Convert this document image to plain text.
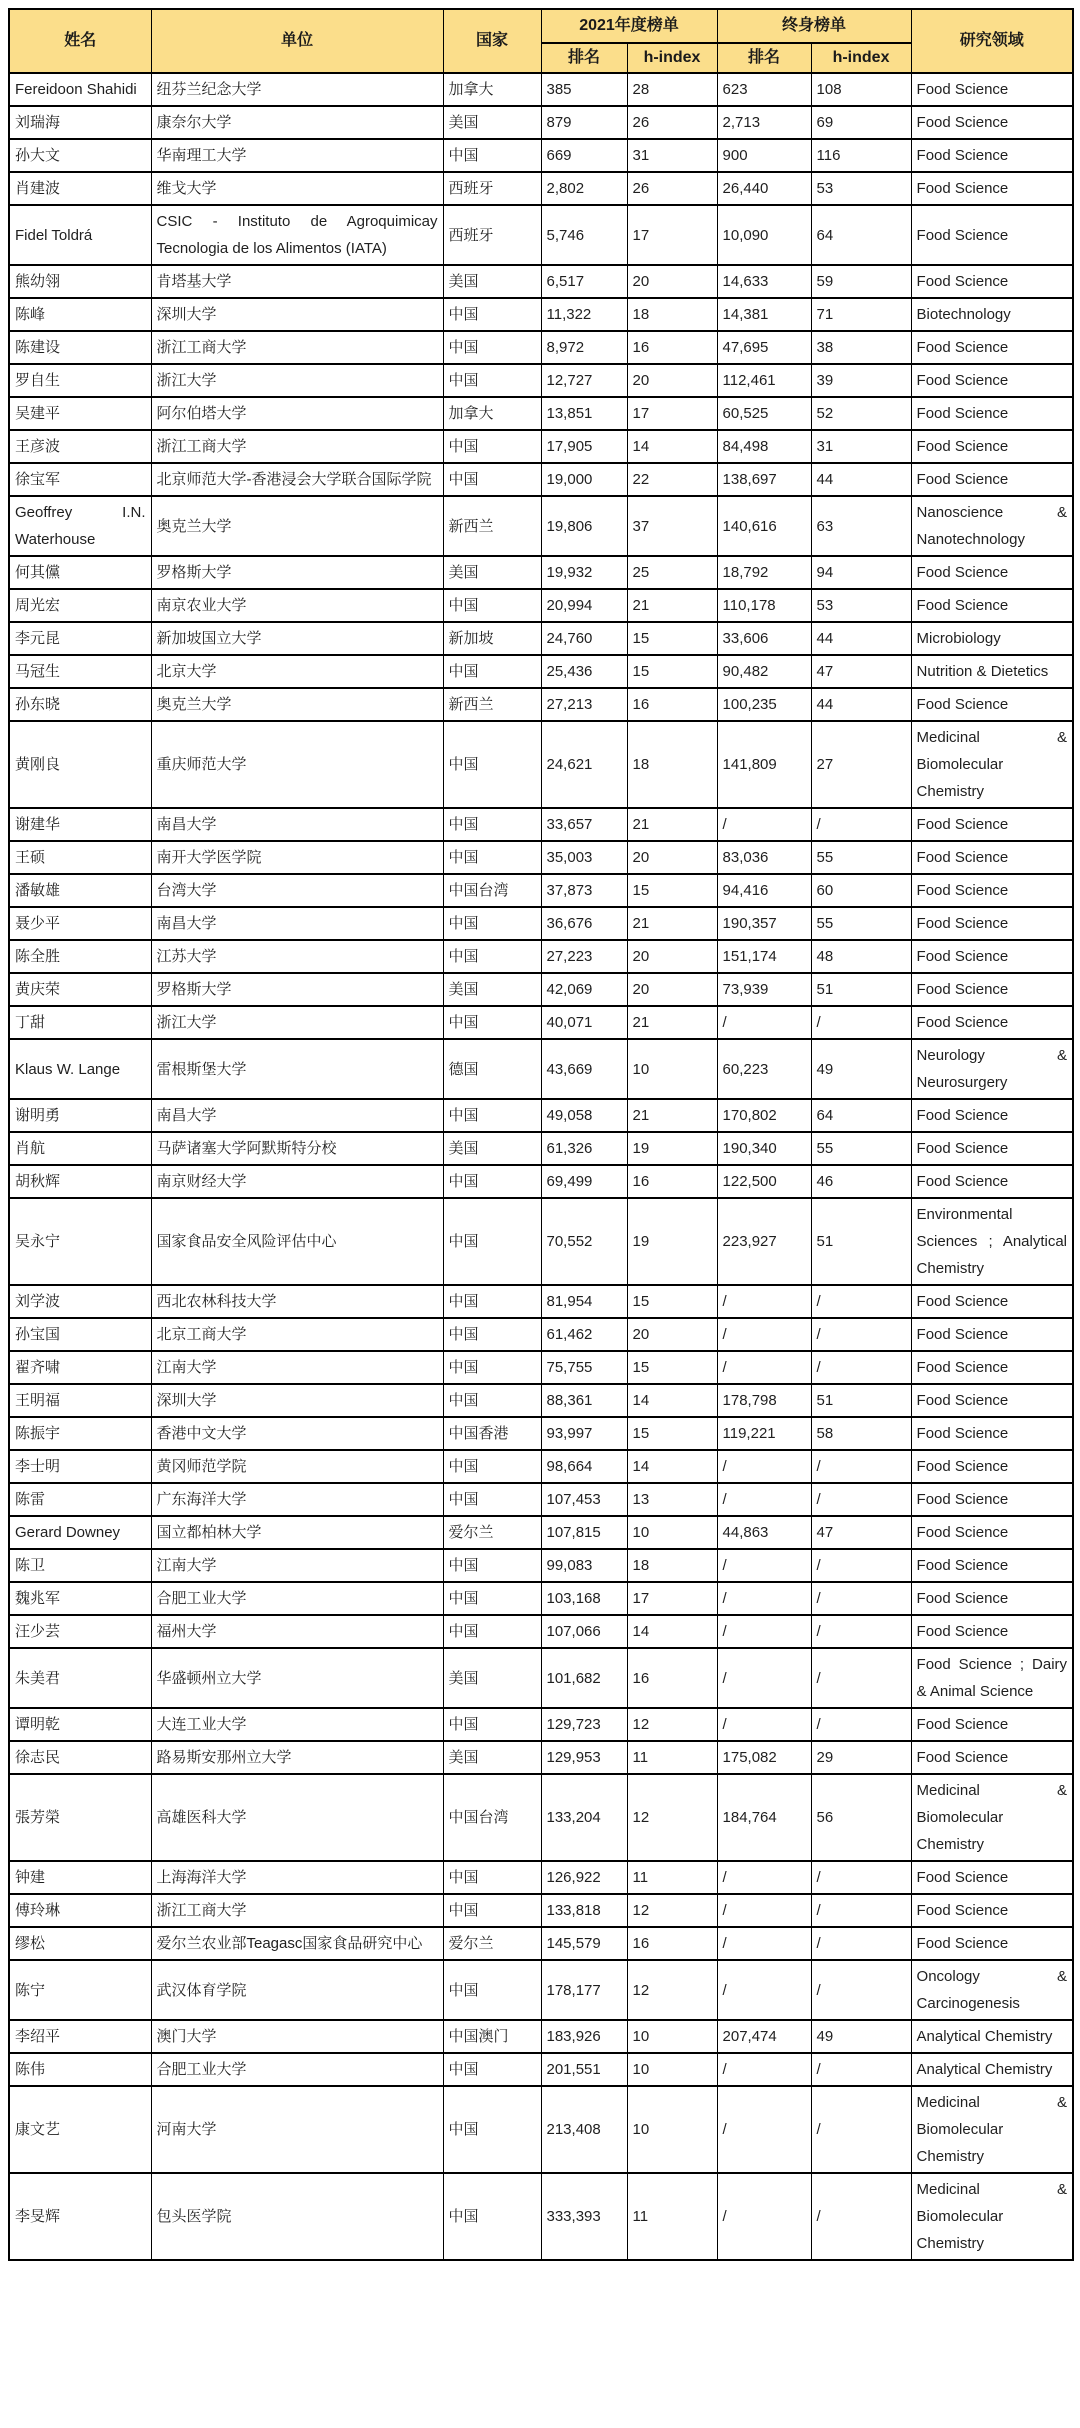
姓名	单位	国家	2021年度榜单		终身榜单		研究领域
			排名	h-index	排名	h-index	
Fereidoon Shahidi	纽芬兰纪念大学	加拿大	385	28	623	108	Food Science
刘瑞海	康奈尔大学	美国	879	26	2,713	69	Food Science
孙大文	华南理工大学	中国	669	31	900	116	Food Science
肖建波	维戈大学	西班牙	2,802	26	26,440	53	Food Science
Fidel Toldrá	CSIC - Instituto de Agroquimicay Tecnologia de los Alimentos (IATA)	西班牙	5,746	17	10,090	64	Food Science
熊幼翎	肯塔基大学	美国	6,517	20	14,633	59	Food Science
陈峰	深圳大学	中国	11,322	18	14,381	71	Biotechnology
陈建设	浙江工商大学	中国	8,972	16	47,695	38	Food Science
罗自生	浙江大学	中国	12,727	20	112,461	39	Food Science
吴建平	阿尔伯塔大学	加拿大	13,851	17	60,525	52	Food Science
王彦波	浙江工商大学	中国	17,905	14	84,498	31	Food Science
徐宝军	北京师范大学-香港浸会大学联合国际学院	中国	19,000	22	138,697	44	Food Science
Geoffrey I.N. Waterhouse	奥克兰大学	新西兰	19,806	37	140,616	63	Nanoscience & Nanotechnology
何其儻	罗格斯大学	美国	19,932	25	18,792	94	Food Science
周光宏	南京农业大学	中国	20,994	21	110,178	53	Food Science
李元昆	新加坡国立大学	新加坡	24,760	15	33,606	44	Microbiology
马冠生	北京大学	中国	25,436	15	90,482	47	Nutrition & Dietetics
孙东晓	奥克兰大学	新西兰	27,213	16	100,235	44	Food Science
黄刚良	重庆师范大学	中国	24,621	18	141,809	27	Medicinal & Biomolecular Chemistry
谢建华	南昌大学	中国	33,657	21	/	/	Food Science
王硕	南开大学医学院	中国	35,003	20	83,036	55	Food Science
潘敏雄	台湾大学	中国台湾	37,873	15	94,416	60	Food Science
聂少平	南昌大学	中国	36,676	21	190,357	55	Food Science
陈全胜	江苏大学	中国	27,223	20	151,174	48	Food Science
黄庆荣	罗格斯大学	美国	42,069	20	73,939	51	Food Science
丁甜	浙江大学	中国	40,071	21	/	/	Food Science
Klaus W. Lange	雷根斯堡大学	德国	43,669	10	60,223	49	Neurology & Neurosurgery
谢明勇	南昌大学	中国	49,058	21	170,802	64	Food Science
肖航	马萨诸塞大学阿默斯特分校	美国	61,326	19	190,340	55	Food Science
胡秋辉	南京财经大学	中国	69,499	16	122,500	46	Food Science
吴永宁	国家食品安全风险评估中心	中国	70,552	19	223,927	51	Environmental Sciences ; Analytical Chemistry
刘学波	西北农林科技大学	中国	81,954	15	/	/	Food Science
孙宝国	北京工商大学	中国	61,462	20	/	/	Food Science
翟齐啸	江南大学	中国	75,755	15	/	/	Food Science
王明福	深圳大学	中国	88,361	14	178,798	51	Food Science
陈振宇	香港中文大学	中国香港	93,997	15	119,221	58	Food Science
李士明	黄冈师范学院	中国	98,664	14	/	/	Food Science
陈雷	广东海洋大学	中国	107,453	13	/	/	Food Science
Gerard Downey	国立都柏林大学	爱尔兰	107,815	10	44,863	47	Food Science
陈卫	江南大学	中国	99,083	18	/	/	Food Science
魏兆军	合肥工业大学	中国	103,168	17	/	/	Food Science
汪少芸	福州大学	中国	107,066	14	/	/	Food Science
朱美君	华盛顿州立大学	美国	101,682	16	/	/	Food Science ; Dairy & Animal Science
谭明乾	大连工业大学	中国	129,723	12	/	/	Food Science
徐志民	路易斯安那州立大学	美国	129,953	11	175,082	29	Food Science
張芳榮	高雄医科大学	中国台湾	133,204	12	184,764	56	Medicinal & Biomolecular Chemistry
钟建	上海海洋大学	中国	126,922	11	/	/	Food Science
傅玲琳	浙江工商大学	中国	133,818	12	/	/	Food Science
缪松	爱尔兰农业部Teagasc国家食品研究中心	爱尔兰	145,579	16	/	/	Food Science
陈宁	武汉体育学院	中国	178,177	12	/	/	Oncology & Carcinogenesis
李绍平	澳门大学	中国澳门	183,926	10	207,474	49	Analytical Chemistry
陈伟	合肥工业大学	中国	201,551	10	/	/	Analytical Chemistry
康文艺	河南大学	中国	213,408	10	/	/	Medicinal & Biomolecular Chemistry
李旻辉	包头医学院	中国	333,393	11	/	/	Medicinal & Biomolecular Chemistry
